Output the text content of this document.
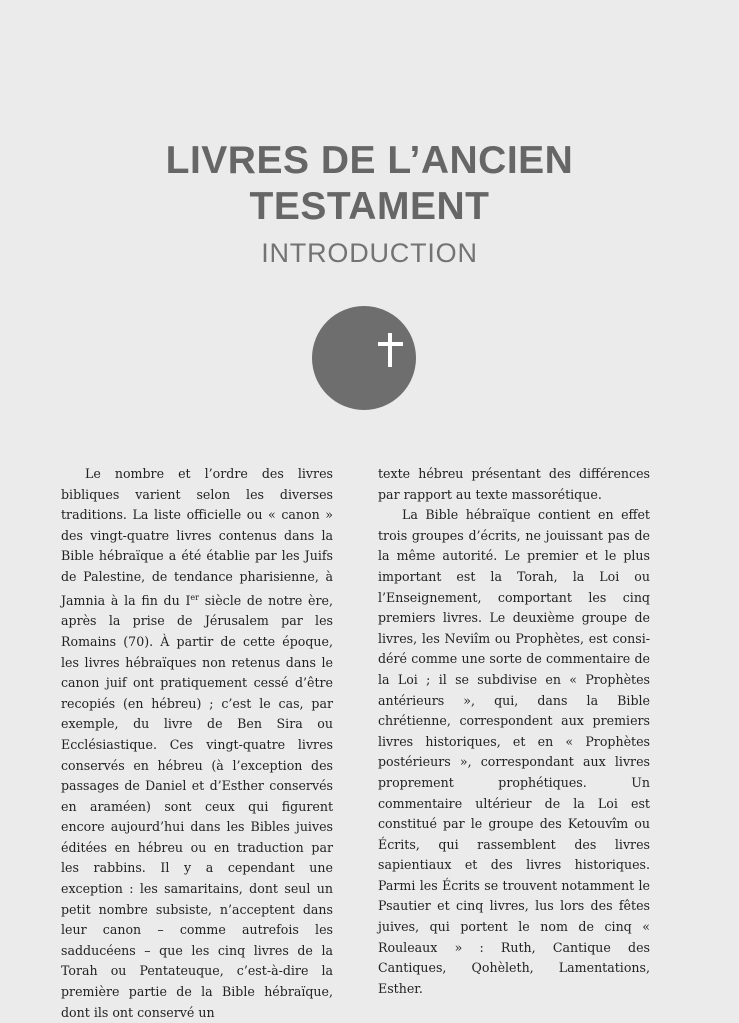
LIVRES DE L’ANCIEN
TESTAMENT
INTRODUCTION

Le nombre et l’ordre des livres bibliques varient selon les diverses traditions. La liste officielle ou « canon » des vingt-quatre livres contenus dans la Bible hébraïque a été établie par les Juifs de Palestine, de tendance pharisienne, à Jamnia à la fin du Ier siècle de notre ère, après la prise de Jérusalem par les Romains (70). À partir de cette époque, les livres hébraïques non retenus dans le canon juif ont pratiquement cessé d’être recopiés (en hébreu) ; c’est le cas, par exemple, du livre de Ben Sira ou Ecclésiastique. Ces vingt-quatre livres conservés en hébreu (à l’exception des passages de Daniel et d’Esther conservés en araméen) sont ceux qui figurent encore aujourd’hui dans les Bibles juives éditées en hébreu ou en traduction par les rabbins. Il y a cependant une exception : les samaritains, dont seul un petit nombre subsiste, n’acceptent dans leur canon – comme autrefois les sadducéens – que les cinq livres de la Torah ou Pentateuque, c’est-à-dire la première partie de la Bible hébraïque, dont ils ont conservé un

texte hébreu présentant des différences par rapport au texte massorétique.

La Bible hébraïque contient en effet trois groupes d’écrits, ne jouissant pas de la même autorité. Le premier et le plus important est la Torah, la Loi ou l’Enseignement, comportant les cinq premiers livres. Le deuxième groupe de livres, les Neviîm ou Prophètes, est considéré comme une sorte de commentaire de la Loi ; il se subdivise en « Prophètes antérieurs », qui, dans la Bible chrétienne, correspondent aux premiers livres historiques, et en « Prophètes postérieurs », correspondant aux livres proprement prophétiques. Un commentaire ultérieur de la Loi est constitué par le groupe des Ketouvîm ou Écrits, qui rassemblent des livres sapientiaux et des livres historiques. Parmi les Écrits se trouvent notamment le Psautier et cinq livres, lus lors des fêtes juives, qui portent le nom de cinq « Rouleaux » : Ruth, Cantique des Cantiques, Qohèleth, Lamentations, Esther.
